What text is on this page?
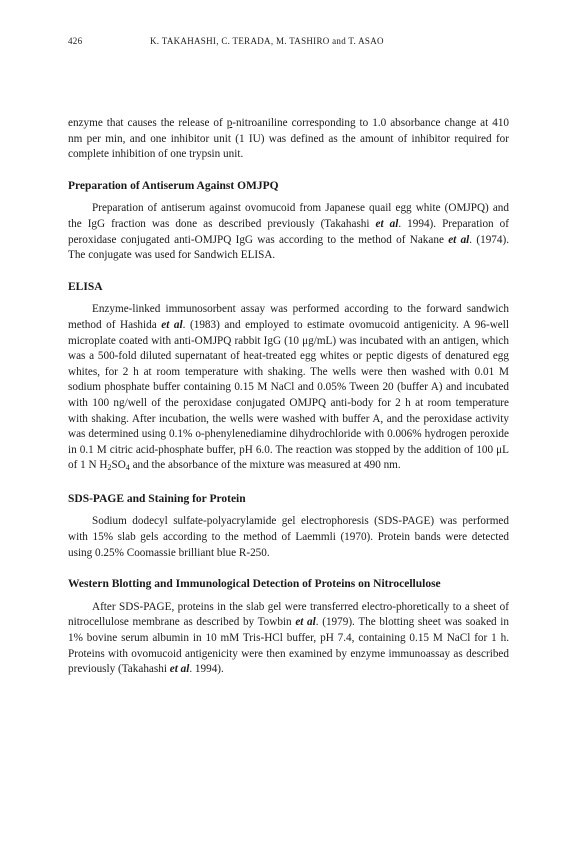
426	K. TAKAHASHI, C. TERADA, M. TASHIRO and T. ASAO

enzyme that causes the release of p-nitroaniline corresponding to 1.0 absorbance change at 410 nm per min, and one inhibitor unit (1 IU) was defined as the amount of inhibitor required for complete inhibition of one trypsin unit.

Preparation of Antiserum Against OMJPQ

Preparation of antiserum against ovomucoid from Japanese quail egg white (OMJPQ) and the IgG fraction was done as described previously (Takahashi et al. 1994). Preparation of peroxidase conjugated anti-OMJPQ IgG was according to the method of Nakane et al. (1974). The conjugate was used for Sandwich ELISA.

ELISA

Enzyme-linked immunosorbent assay was performed according to the forward sandwich method of Hashida et al. (1983) and employed to estimate ovomucoid antigenicity. A 96-well microplate coated with anti-OMJPQ rabbit IgG (10 μg/mL) was incubated with an antigen, which was a 500-fold diluted supernatant of heat-treated egg whites or peptic digests of denatured egg whites, for 2 h at room temperature with shaking. The wells were then washed with 0.01 M sodium phosphate buffer containing 0.15 M NaCl and 0.05% Tween 20 (buffer A) and incubated with 100 ng/well of the peroxidase conjugated OMJPQ anti-body for 2 h at room temperature with shaking. After incubation, the wells were washed with buffer A, and the peroxidase activity was determined using 0.1% o-phenylenediamine dihydrochloride with 0.006% hydrogen peroxide in 0.1 M citric acid-phosphate buffer, pH 6.0. The reaction was stopped by the addition of 100 μL of 1 N $H_2SO_4$ and the absorbance of the mixture was measured at 490 nm.

SDS-PAGE and Staining for Protein

Sodium dodecyl sulfate-polyacrylamide gel electrophoresis (SDS-PAGE) was performed with 15% slab gels according to the method of Laemmli (1970). Protein bands were detected using 0.25% Coomassie brilliant blue R-250.

Western Blotting and Immunological Detection of Proteins on Nitrocellulose

After SDS-PAGE, proteins in the slab gel were transferred electro-phoretically to a sheet of nitrocellulose membrane as described by Towbin et al. (1979). The blotting sheet was soaked in 1% bovine serum albumin in 10 mM Tris-HCl buffer, pH 7.4, containing 0.15 M NaCl for 1 h. Proteins with ovomucoid antigenicity were then examined by enzyme immunoassay as described previously (Takahashi et al. 1994).
